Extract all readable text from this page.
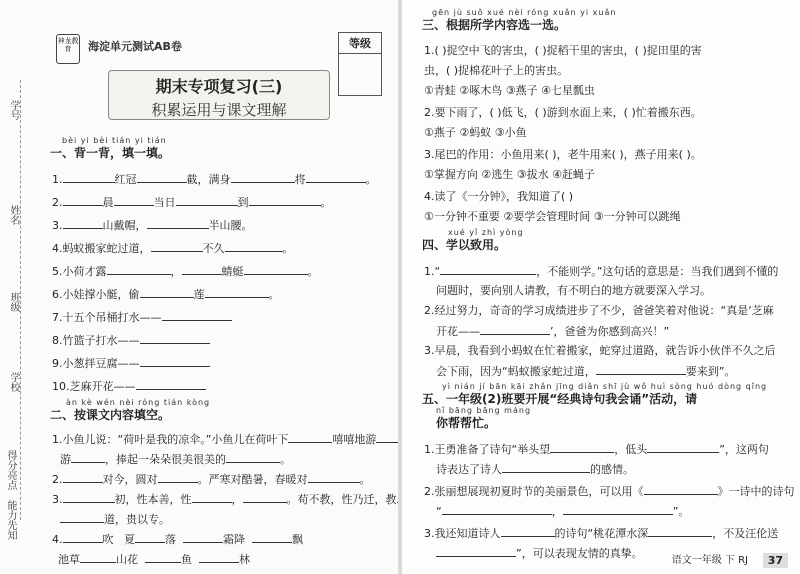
学号
姓名
班级
学校
得分亮点
能力先知
神龙教育	海淀单元测试AB卷	等级
期末专项复习(三)
积累运用与课文理解
bèi yi bèi tián yi tián
一、背一背，填一填。
1.	红冠	截，满身	将	。
2.	晨	当日	到	。
3.	山戴帽，	半山腰。
4.蚂蚁搬家蛇过道，	不久	。
5.小荷才露	，	蜻蜓	。
6.小娃撑小艇，偷	莲	。
7.十五个吊桶打水——
8.竹篮子打水——
9.小葱拌豆腐——
10.芝麻开花——
àn kè wén nèi róng tián kòng
二、按课文内容填空。
1.小鱼儿说：“荷叶是我的凉伞。”小鱼儿在荷叶下	嘻嘻地游
游	，捧起一朵朵很美很美的	。
2.	对今，圆对	。严寒对酷暑，春暖对	。
3.	初，性本善，性	，	。苟不教，性乃迁，教
道，贵以专。
4.	吹 夏	落	霜降	飘
池草	山花	鱼	林
gēn jù suǒ xué nèi róng xuǎn yi xuǎn
三、根据所学内容选一选。
1.( )捉空中飞的害虫，( )捉稻干里的害虫，( )捉田里的害
虫，( )捉棉花叶子上的害虫。
①青蛙 ②啄木鸟 ③燕子 ④七星瓢虫
2.要下雨了，( )低飞，( )游到水面上来，( )忙着搬东西。
①燕子 ②蚂蚁 ③小鱼
3.尾巴的作用：小鱼用来( )，老牛用来( )，燕子用来( )。
①掌握方向 ②逃生 ③拔水 ④赶蝇子
4.读了《一分钟》，我知道了( )
①一分钟不重要 ②要学会管理时间 ③一分钟可以跳绳
xué yǐ zhì yòng
四、学以致用。
1.“	，不能则学。”这句话的意思是：当我们遇到不懂的
问题时，要向别人请教，有不明白的地方就要深入学习。
2.经过努力，奇奇的学习成绩进步了不少，爸爸笑着对他说：“真是‘芝麻
开花——	’，爸爸为你感到高兴！”
3.早晨，我看到小蚂蚁在忙着搬家，蛇穿过道路，就告诉小伙伴不久之后
会下雨，因为“蚂蚁搬家蛇过道，	要来到”。
yì nián jí bān kāi zhǎn jīng diǎn shī jù wǒ huì sòng huó dòng qǐng
五、一年级(2)班要开展“经典诗句我会诵”活动，请
nǐ bāng bāng máng
你帮帮忙。
1.王勇准备了诗句“举头望	，低头	”，这两句
诗表达了诗人	的感情。
2.张丽想展现初夏时节的美丽景色，可以用《	》一诗中的诗句
“	，	”。
3.我还知道诗人	的诗句“桃花潭水深	，不及汪伦送
”，可以表现友情的真挚。
语文一年级 下 RJ	37
